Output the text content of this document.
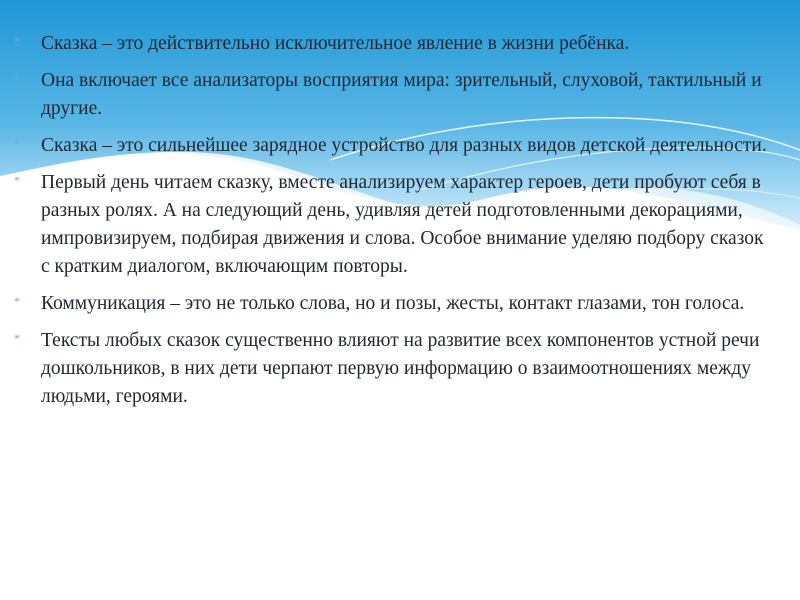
* Сказка – это действительно исключительное явление в жизни ребёнка.
* Она включает все анализаторы восприятия мира: зрительный, слуховой, тактильный и другие.
* Сказка – это сильнейшее зарядное устройство для разных видов детской деятельности.
* Первый день читаем сказку, вместе анализируем характер героев, дети пробуют себя в разных ролях. А на следующий день, удивляя детей подготовленными декорациями, импровизируем, подбирая движения и слова. Особое внимание уделяю подбору сказок с кратким диалогом, включающим повторы.
* Коммуникация – это не только слова, но и позы, жесты, контакт глазами, тон голоса.
* Тексты любых сказок существенно влияют на развитие всех компонентов устной речи дошкольников, в них дети черпают первую информацию о взаимоотношениях между людьми, героями.
